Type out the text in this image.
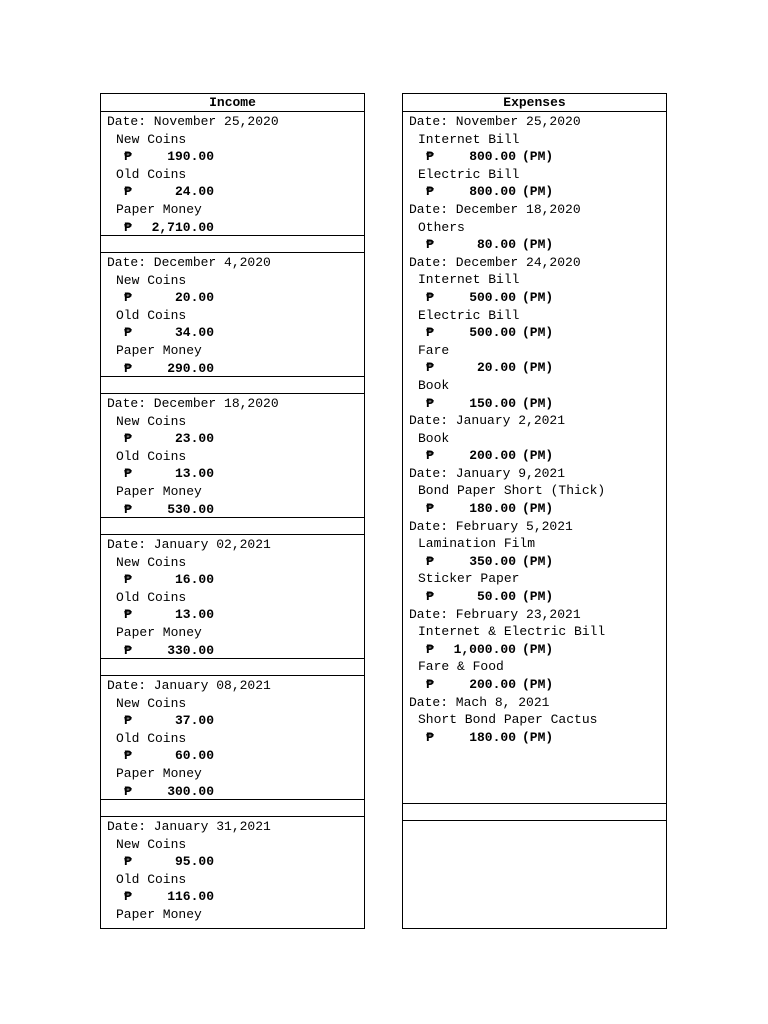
Income
Date: November 25,2020
New Coins
₱	190.00
Old Coins
₱	24.00
Paper Money
₱ 2,710.00
Date: December 4,2020
New Coins
₱	20.00
Old Coins
₱	34.00
Paper Money
₱	290.00
Date: December 18,2020
New Coins
₱	23.00
Old Coins
₱	13.00
Paper Money
₱	530.00
Date: January 02,2021
New Coins
₱	16.00
Old Coins
₱	13.00
Paper Money
₱	330.00
Date: January 08,2021
New Coins
₱	37.00
Old Coins
₱	60.00
Paper Money
₱	300.00
Date: January 31,2021
New Coins
₱	95.00
Old Coins
₱	116.00
Paper Money
Expenses
Date: November 25,2020
Internet Bill
₱	800.00 (PM)
Electric Bill
₱	800.00 (PM)
Date: December 18,2020
Others
₱	80.00 (PM)
Date: December 24,2020
Internet Bill
₱	500.00 (PM)
Electric Bill
₱	500.00 (PM)
Fare
₱	20.00 (PM)
Book
₱	150.00 (PM)
Date: January 2,2021
Book
₱	200.00 (PM)
Date: January 9,2021
Bond Paper Short (Thick)
₱	180.00 (PM)
Date: February 5,2021
Lamination Film
₱	350.00 (PM)
Sticker Paper
₱	50.00 (PM)
Date: February 23,2021
Internet & Electric Bill
₱ 1,000.00 (PM)
Fare & Food
₱	200.00 (PM)
Date: Mach 8, 2021
Short Bond Paper Cactus
₱	180.00 (PM)
